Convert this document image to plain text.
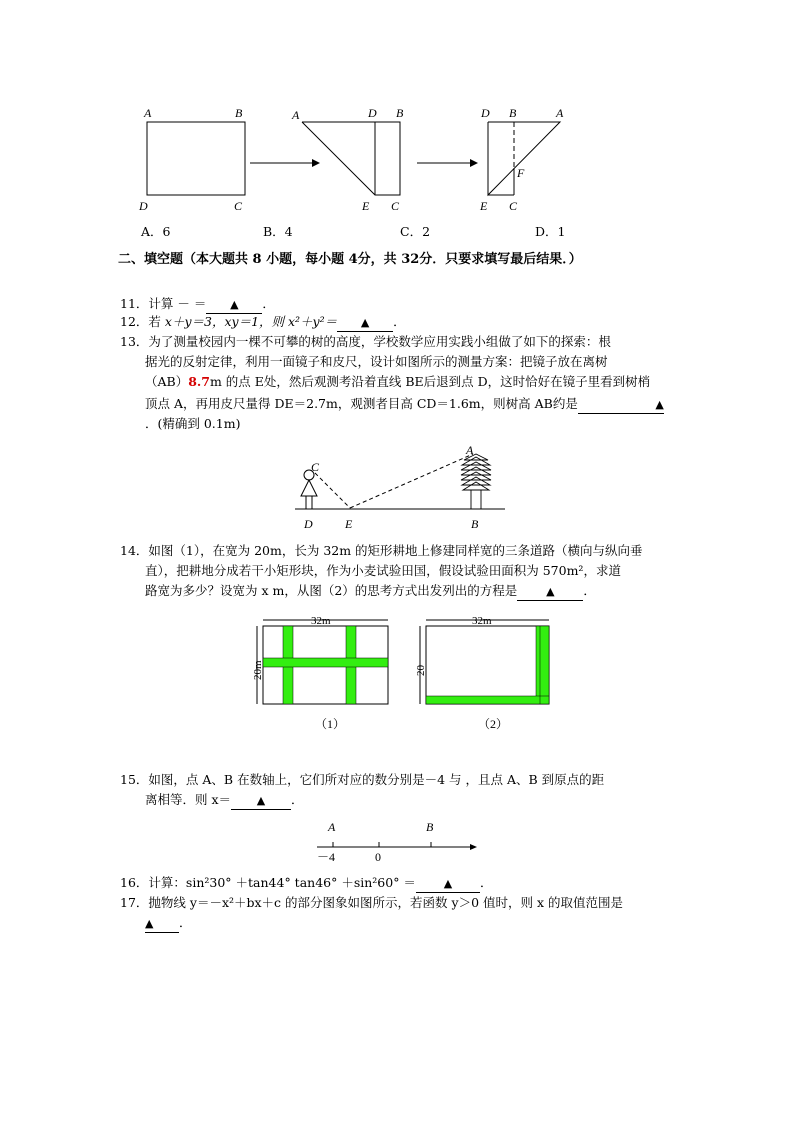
A	B
D	C
A	D B
E C
D B	A
F
E C
A．6	B．4	C．2	D．1
二、填空题（本大题共 8 小题，每小题 4分，共 32分．只要求填写最后结果．）
11．计算 － ＝ ▲ ．
12．若 x＋y＝3，xy＝1，则 x²＋y²＝ ▲ ．
13．为了测量校园内一棵不可攀的树的高度，学校数学应用实践小组做了如下的探索：根
据光的反射定律，利用一面镜子和皮尺，设计如图所示的测量方案：把镜子放在离树
（AB）8.7m 的点 E处，然后观测考沿着直线 BE后退到点 D，这时恰好在镜子里看到树梢
顶点 A，再用皮尺量得 DE＝2.7m，观测者目高 CD＝1.6m，则树高 AB约是	▲
．(精确到 0.1m)
C
A
D	E	B
14．如图（1），在宽为 20m，长为 32m 的矩形耕地上修建同样宽的三条道路（横向与纵向垂
直），把耕地分成若干小矩形块，作为小麦试验田国，假设试验田面积为 570m²，求道
路宽为多少？设宽为 x m，从图（2）的思考方式出发列出的方程是	▲ ．
32m
20m
（1）
32m
20
（2）
15．如图，点 A、B 在数轴上，它们所对应的数分别是－4 与 ，且点 A、B 到原点的距
离相等．则 x＝ ▲ ．
A	B
－4	0
16．计算：sin²30° ＋tan44° tan46° ＋sin²60° ＝	▲ ．
17．抛物线 y＝－x²＋bx＋c 的部分图象如图所示，若函数 y＞0 值时，则 x 的取值范围是
▲ ．
